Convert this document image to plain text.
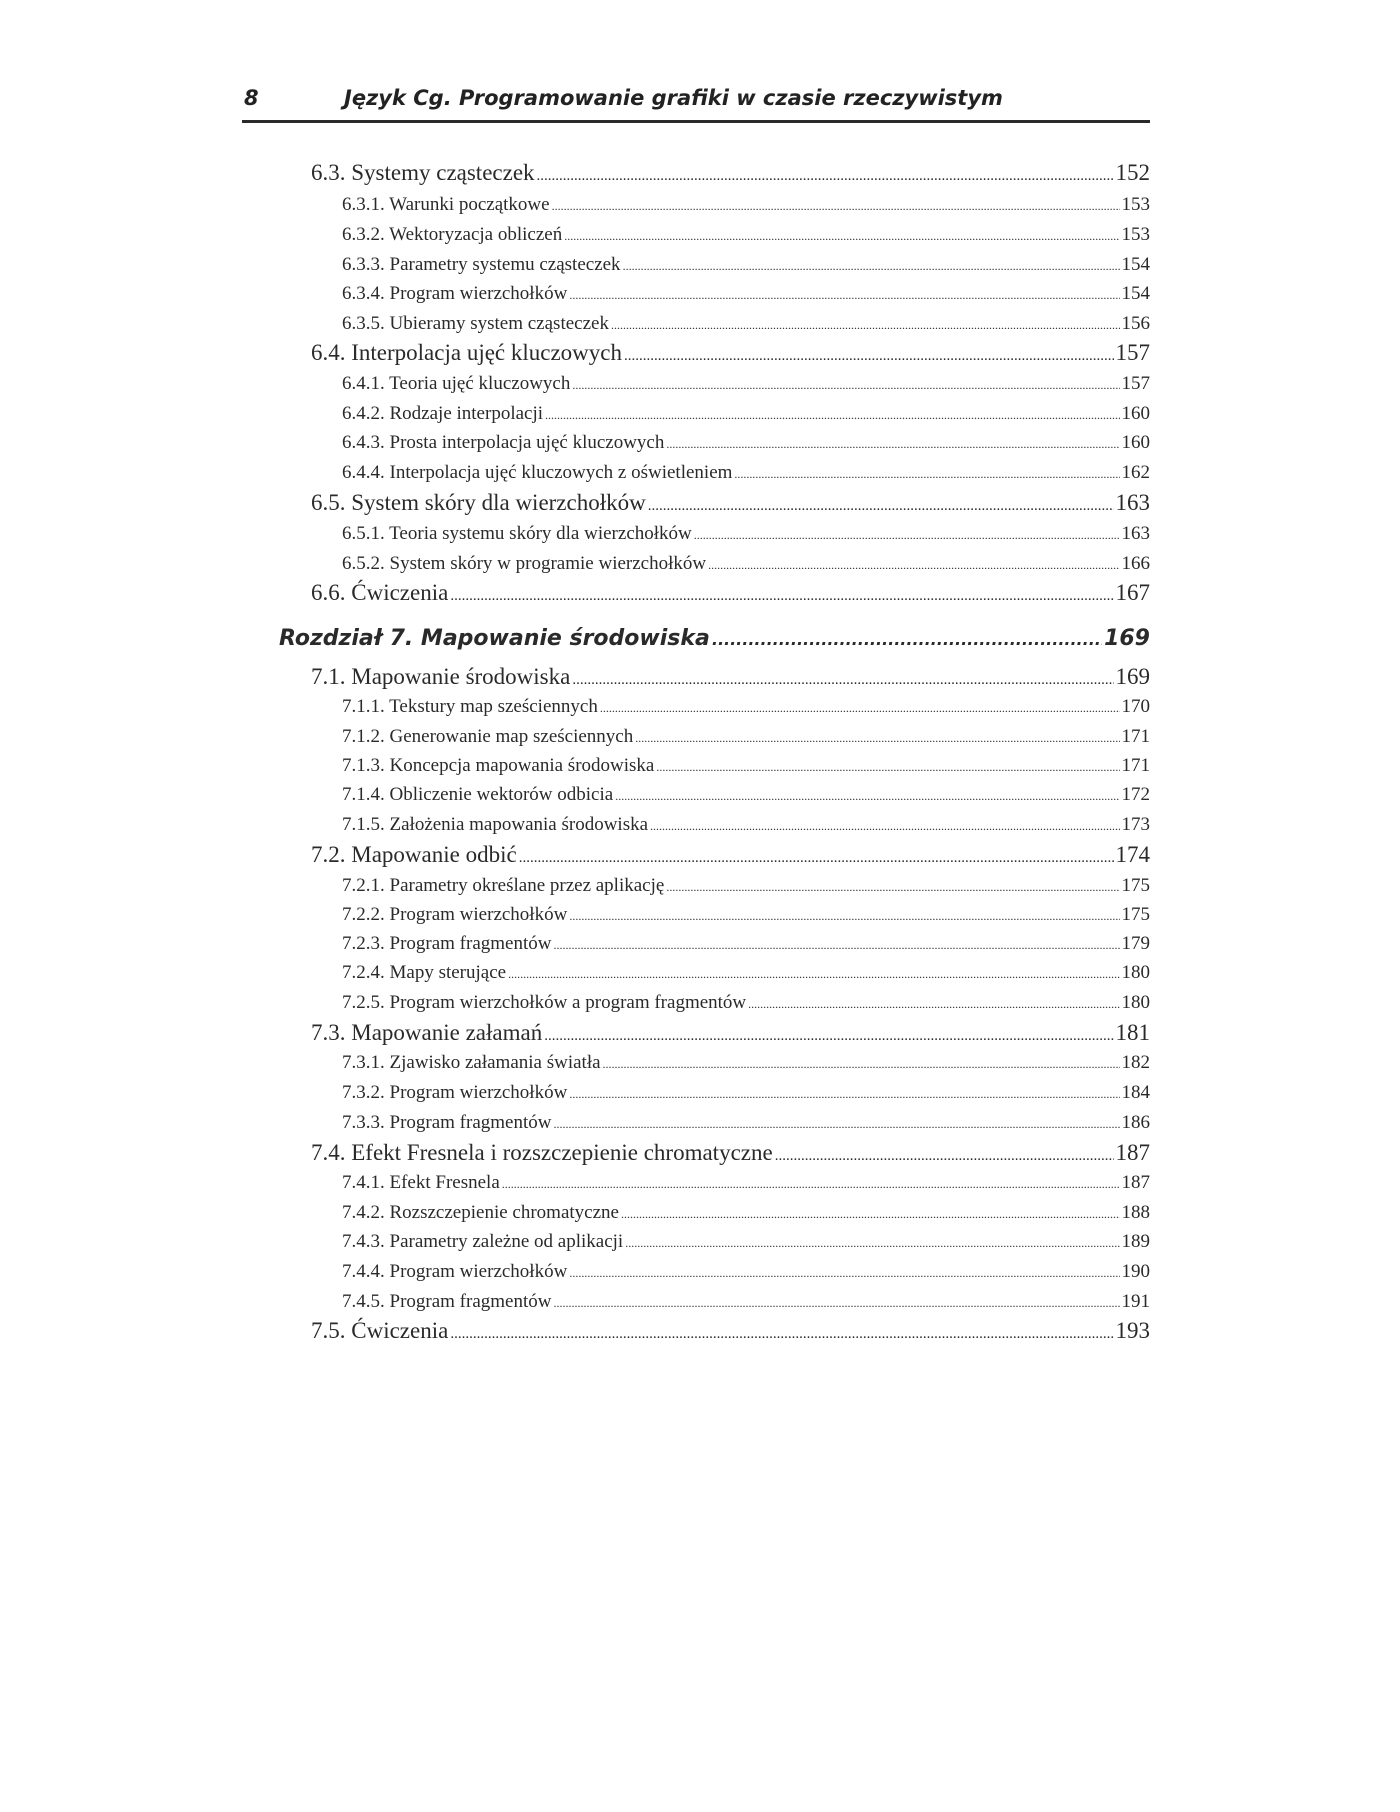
8	Język Cg. Programowanie grafiki w czasie rzeczywistym
6.3. Systemy cząsteczek .....	152
6.3.1. Warunki początkowe .....	153
6.3.2. Wektoryzacja obliczeń .....	153
6.3.3. Parametry systemu cząsteczek .....	154
6.3.4. Program wierzchołków .....	154
6.3.5. Ubieramy system cząsteczek .....	156
6.4. Interpolacja ujęć kluczowych .....	157
6.4.1. Teoria ujęć kluczowych .....	157
6.4.2. Rodzaje interpolacji .....	160
6.4.3. Prosta interpolacja ujęć kluczowych .....	160
6.4.4. Interpolacja ujęć kluczowych z oświetleniem .....	162
6.5. System skóry dla wierzchołków .....	163
6.5.1. Teoria systemu skóry dla wierzchołków .....	163
6.5.2. System skóry w programie wierzchołków .....	166
6.6. Ćwiczenia .....	167
Rozdział 7. Mapowanie środowiska .....	169
7.1. Mapowanie środowiska .....	169
7.1.1. Tekstury map sześciennych .....	170
7.1.2. Generowanie map sześciennych .....	171
7.1.3. Koncepcja mapowania środowiska .....	171
7.1.4. Obliczenie wektorów odbicia .....	172
7.1.5. Założenia mapowania środowiska .....	173
7.2. Mapowanie odbić .....	174
7.2.1. Parametry określane przez aplikację .....	175
7.2.2. Program wierzchołków .....	175
7.2.3. Program fragmentów .....	179
7.2.4. Mapy sterujące .....	180
7.2.5. Program wierzchołków a program fragmentów .....	180
7.3. Mapowanie załamań .....	181
7.3.1. Zjawisko załamania światła .....	182
7.3.2. Program wierzchołków .....	184
7.3.3. Program fragmentów .....	186
7.4. Efekt Fresnela i rozszczepienie chromatyczne .....	187
7.4.1. Efekt Fresnela .....	187
7.4.2. Rozszczepienie chromatyczne .....	188
7.4.3. Parametry zależne od aplikacji .....	189
7.4.4. Program wierzchołków .....	190
7.4.5. Program fragmentów .....	191
7.5. Ćwiczenia .....	193
